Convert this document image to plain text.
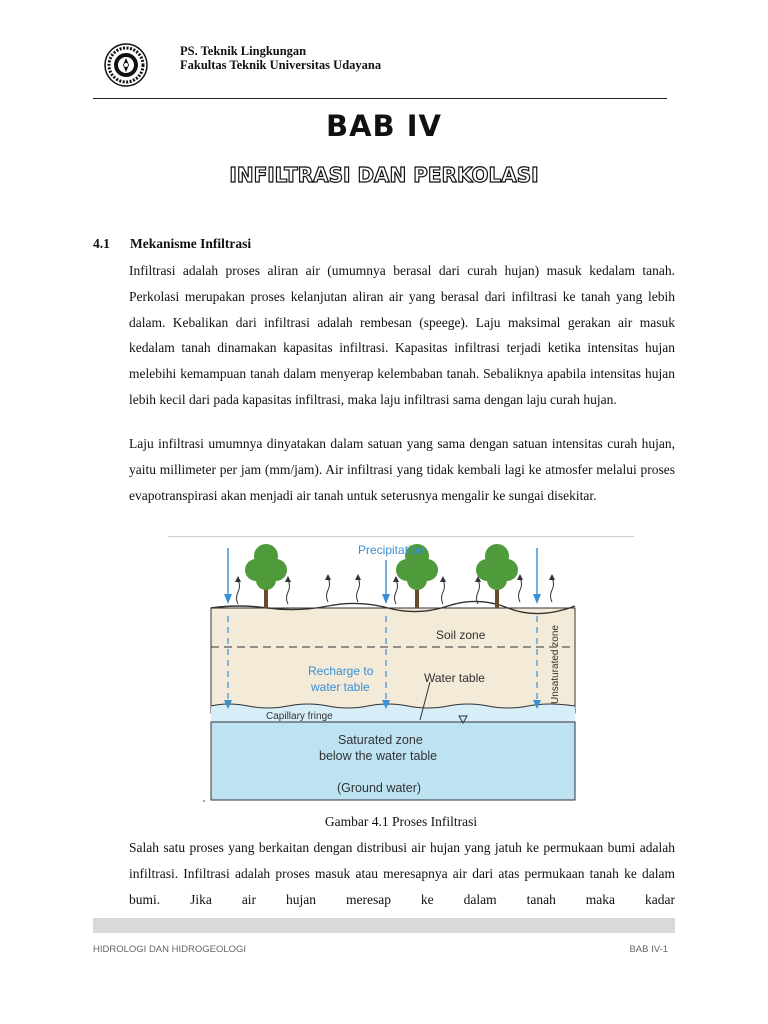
PS. Teknik Lingkungan
Fakultas Teknik Universitas Udayana
BAB IV
INFILTRASI DAN PERKOLASI
4.1 Mekanisme Infiltrasi
Infiltrasi adalah proses aliran air (umumnya berasal dari curah hujan) masuk kedalam tanah. Perkolasi merupakan proses kelanjutan aliran air yang berasal dari infiltrasi ke tanah yang lebih dalam. Kebalikan dari infiltrasi adalah rembesan (speege). Laju maksimal gerakan air masuk kedalam tanah dinamakan kapasitas infiltrasi. Kapasitas infiltrasi terjadi ketika intensitas hujan melebihi kemampuan tanah dalam menyerap kelembaban tanah. Sebaliknya apabila intensitas hujan lebih kecil dari pada kapasitas infiltrasi, maka laju infiltrasi sama dengan laju curah hujan.
Laju infiltrasi umumnya dinyatakan dalam satuan yang sama dengan satuan intensitas curah hujan, yaitu millimeter per jam (mm/jam). Air infiltrasi yang tidak kembali lagi ke atmosfer melalui proses evapotranspirasi akan menjadi air tanah untuk seterusnya mengalir ke sungai disekitar.
Precipitation
Soil zone
Recharge to
water table
Water table
Capillary fringe
Unsaturated zone
Saturated zone
below the water table
(Ground water)
Gambar 4.1 Proses Infiltrasi
Salah satu proses yang berkaitan dengan distribusi air hujan yang jatuh ke permukaan bumi adalah infiltrasi. Infiltrasi adalah proses masuk atau meresapnya air dari atas permukaan tanah ke dalam bumi. Jika air hujan meresap ke dalam tanah maka kadar
HIDROLOGI DAN HIDROGEOLOGI	BAB IV-1
